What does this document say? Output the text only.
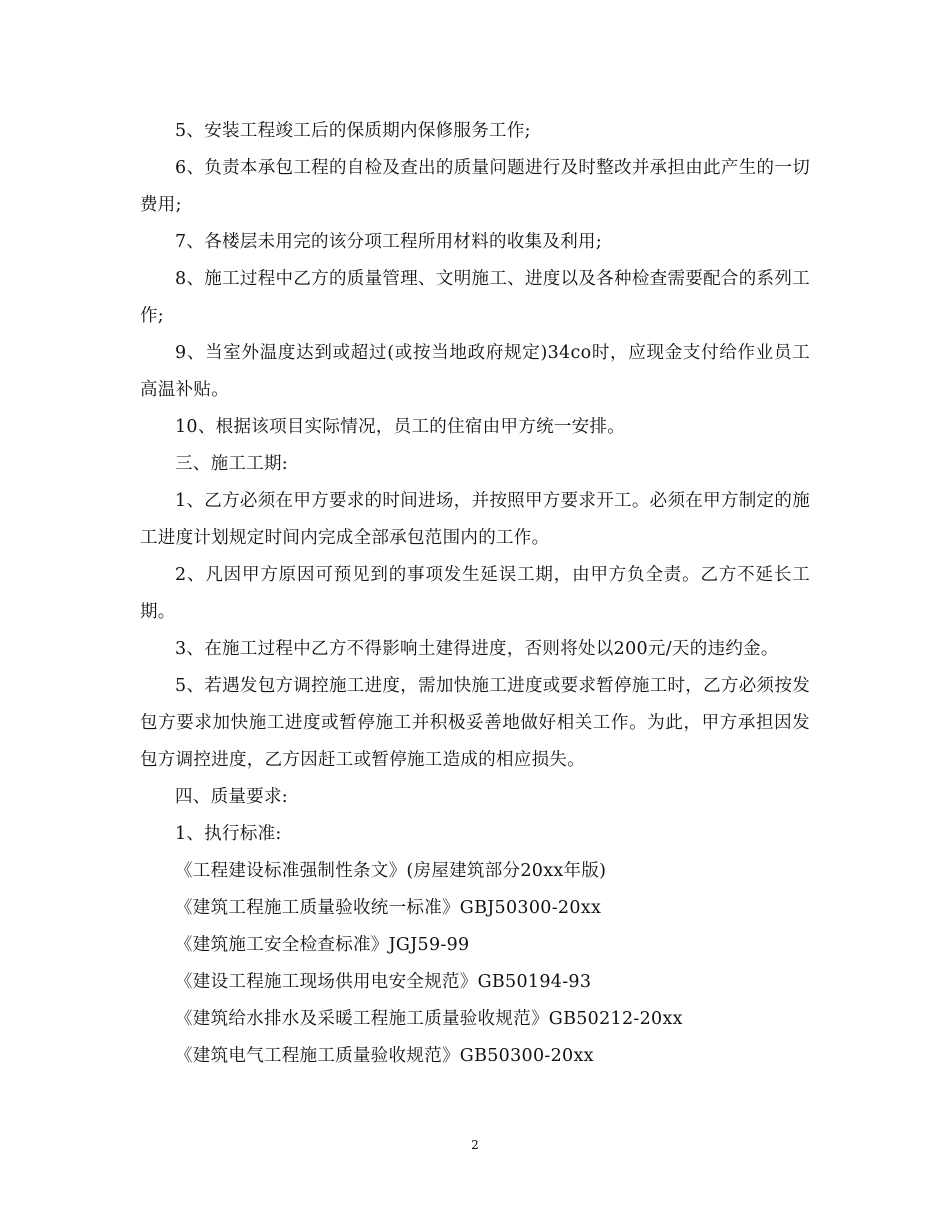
5、安装工程竣工后的保质期内保修服务工作;

6、负责本承包工程的自检及查出的质量问题进行及时整改并承担由此产生的一切费用;

7、各楼层未用完的该分项工程所用材料的收集及利用;

8、施工过程中乙方的质量管理、文明施工、进度以及各种检查需要配合的系列工作;

9、当室外温度达到或超过(或按当地政府规定)34co时，应现金支付给作业员工高温补贴。

10、根据该项目实际情况，员工的住宿由甲方统一安排。

三、施工工期:

1、乙方必须在甲方要求的时间进场，并按照甲方要求开工。必须在甲方制定的施工进度计划规定时间内完成全部承包范围内的工作。

2、凡因甲方原因可预见到的事项发生延误工期，由甲方负全责。乙方不延长工期。

3、在施工过程中乙方不得影响土建得进度，否则将处以200元/天的违约金。

5、若遇发包方调控施工进度，需加快施工进度或要求暂停施工时，乙方必须按发包方要求加快施工进度或暂停施工并积极妥善地做好相关工作。为此，甲方承担因发包方调控进度，乙方因赶工或暂停施工造成的相应损失。

四、质量要求:

1、执行标准:

《工程建设标准强制性条文》(房屋建筑部分20xx年版)

《建筑工程施工质量验收统一标准》GBJ50300-20xx

《建筑施工安全检查标准》JGJ59-99

《建设工程施工现场供用电安全规范》GB50194-93

《建筑给水排水及采暖工程施工质量验收规范》GB50212-20xx

《建筑电气工程施工质量验收规范》GB50300-20xx

2
